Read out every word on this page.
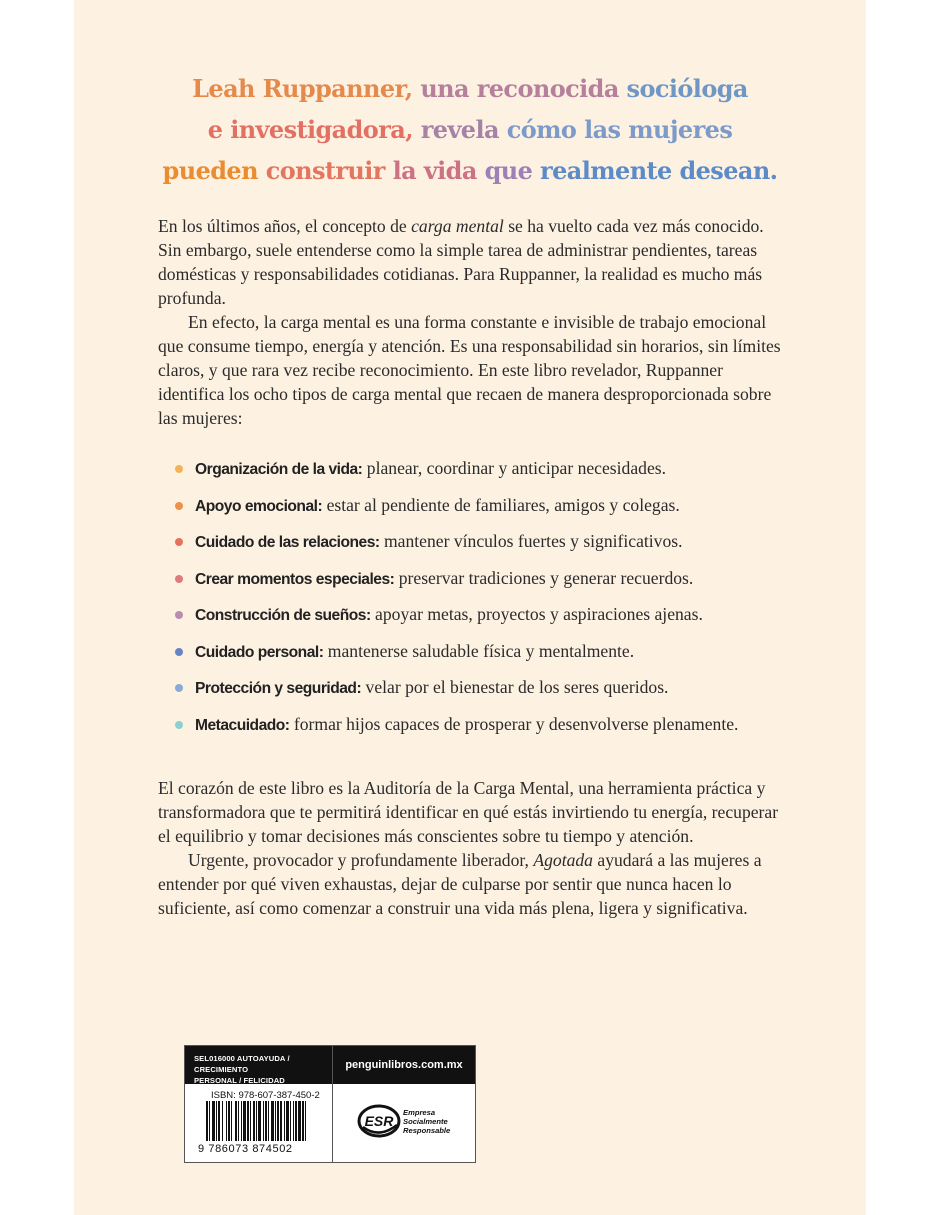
Leah Ruppanner, una reconocida socióloga
e investigadora, revela cómo las mujeres
pueden construir la vida que realmente desean.

En los últimos años, el concepto de carga mental se ha vuelto cada vez más conocido. Sin embargo, suele entenderse como la simple tarea de administrar pendientes, tareas domésticas y responsabilidades cotidianas. Para Ruppanner, la realidad es mucho más profunda.

En efecto, la carga mental es una forma constante e invisible de trabajo emocional que consume tiempo, energía y atención. Es una responsabilidad sin horarios, sin límites claros, y que rara vez recibe reconocimiento. En este libro revelador, Ruppanner identifica los ocho tipos de carga mental que recaen de manera desproporcionada sobre las mujeres:

Organización de la vida: planear, coordinar y anticipar necesidades.
Apoyo emocional: estar al pendiente de familiares, amigos y colegas.
Cuidado de las relaciones: mantener vínculos fuertes y significativos.
Crear momentos especiales: preservar tradiciones y generar recuerdos.
Construcción de sueños: apoyar metas, proyectos y aspiraciones ajenas.
Cuidado personal: mantenerse saludable física y mentalmente.
Protección y seguridad: velar por el bienestar de los seres queridos.
Metacuidado: formar hijos capaces de prosperar y desenvolverse plenamente.

El corazón de este libro es la Auditoría de la Carga Mental, una herramienta práctica y transformadora que te permitirá identificar en qué estás invirtiendo tu energía, recuperar el equilibrio y tomar decisiones más conscientes sobre tu tiempo y atención.

Urgente, provocador y profundamente liberador, Agotada ayudará a las mujeres a entender por qué viven exhaustas, dejar de culparse por sentir que nunca hacen lo suficiente, así como comenzar a construir una vida más plena, ligera y significativa.

SEL016000 AUTOAYUDA / CRECIMIENTO
PERSONAL / FELICIDAD
penguinlibros.com.mx
ISBN: 978-607-387-450-2
9 786073 874502
ESR
Empresa
Socialmente
Responsable
